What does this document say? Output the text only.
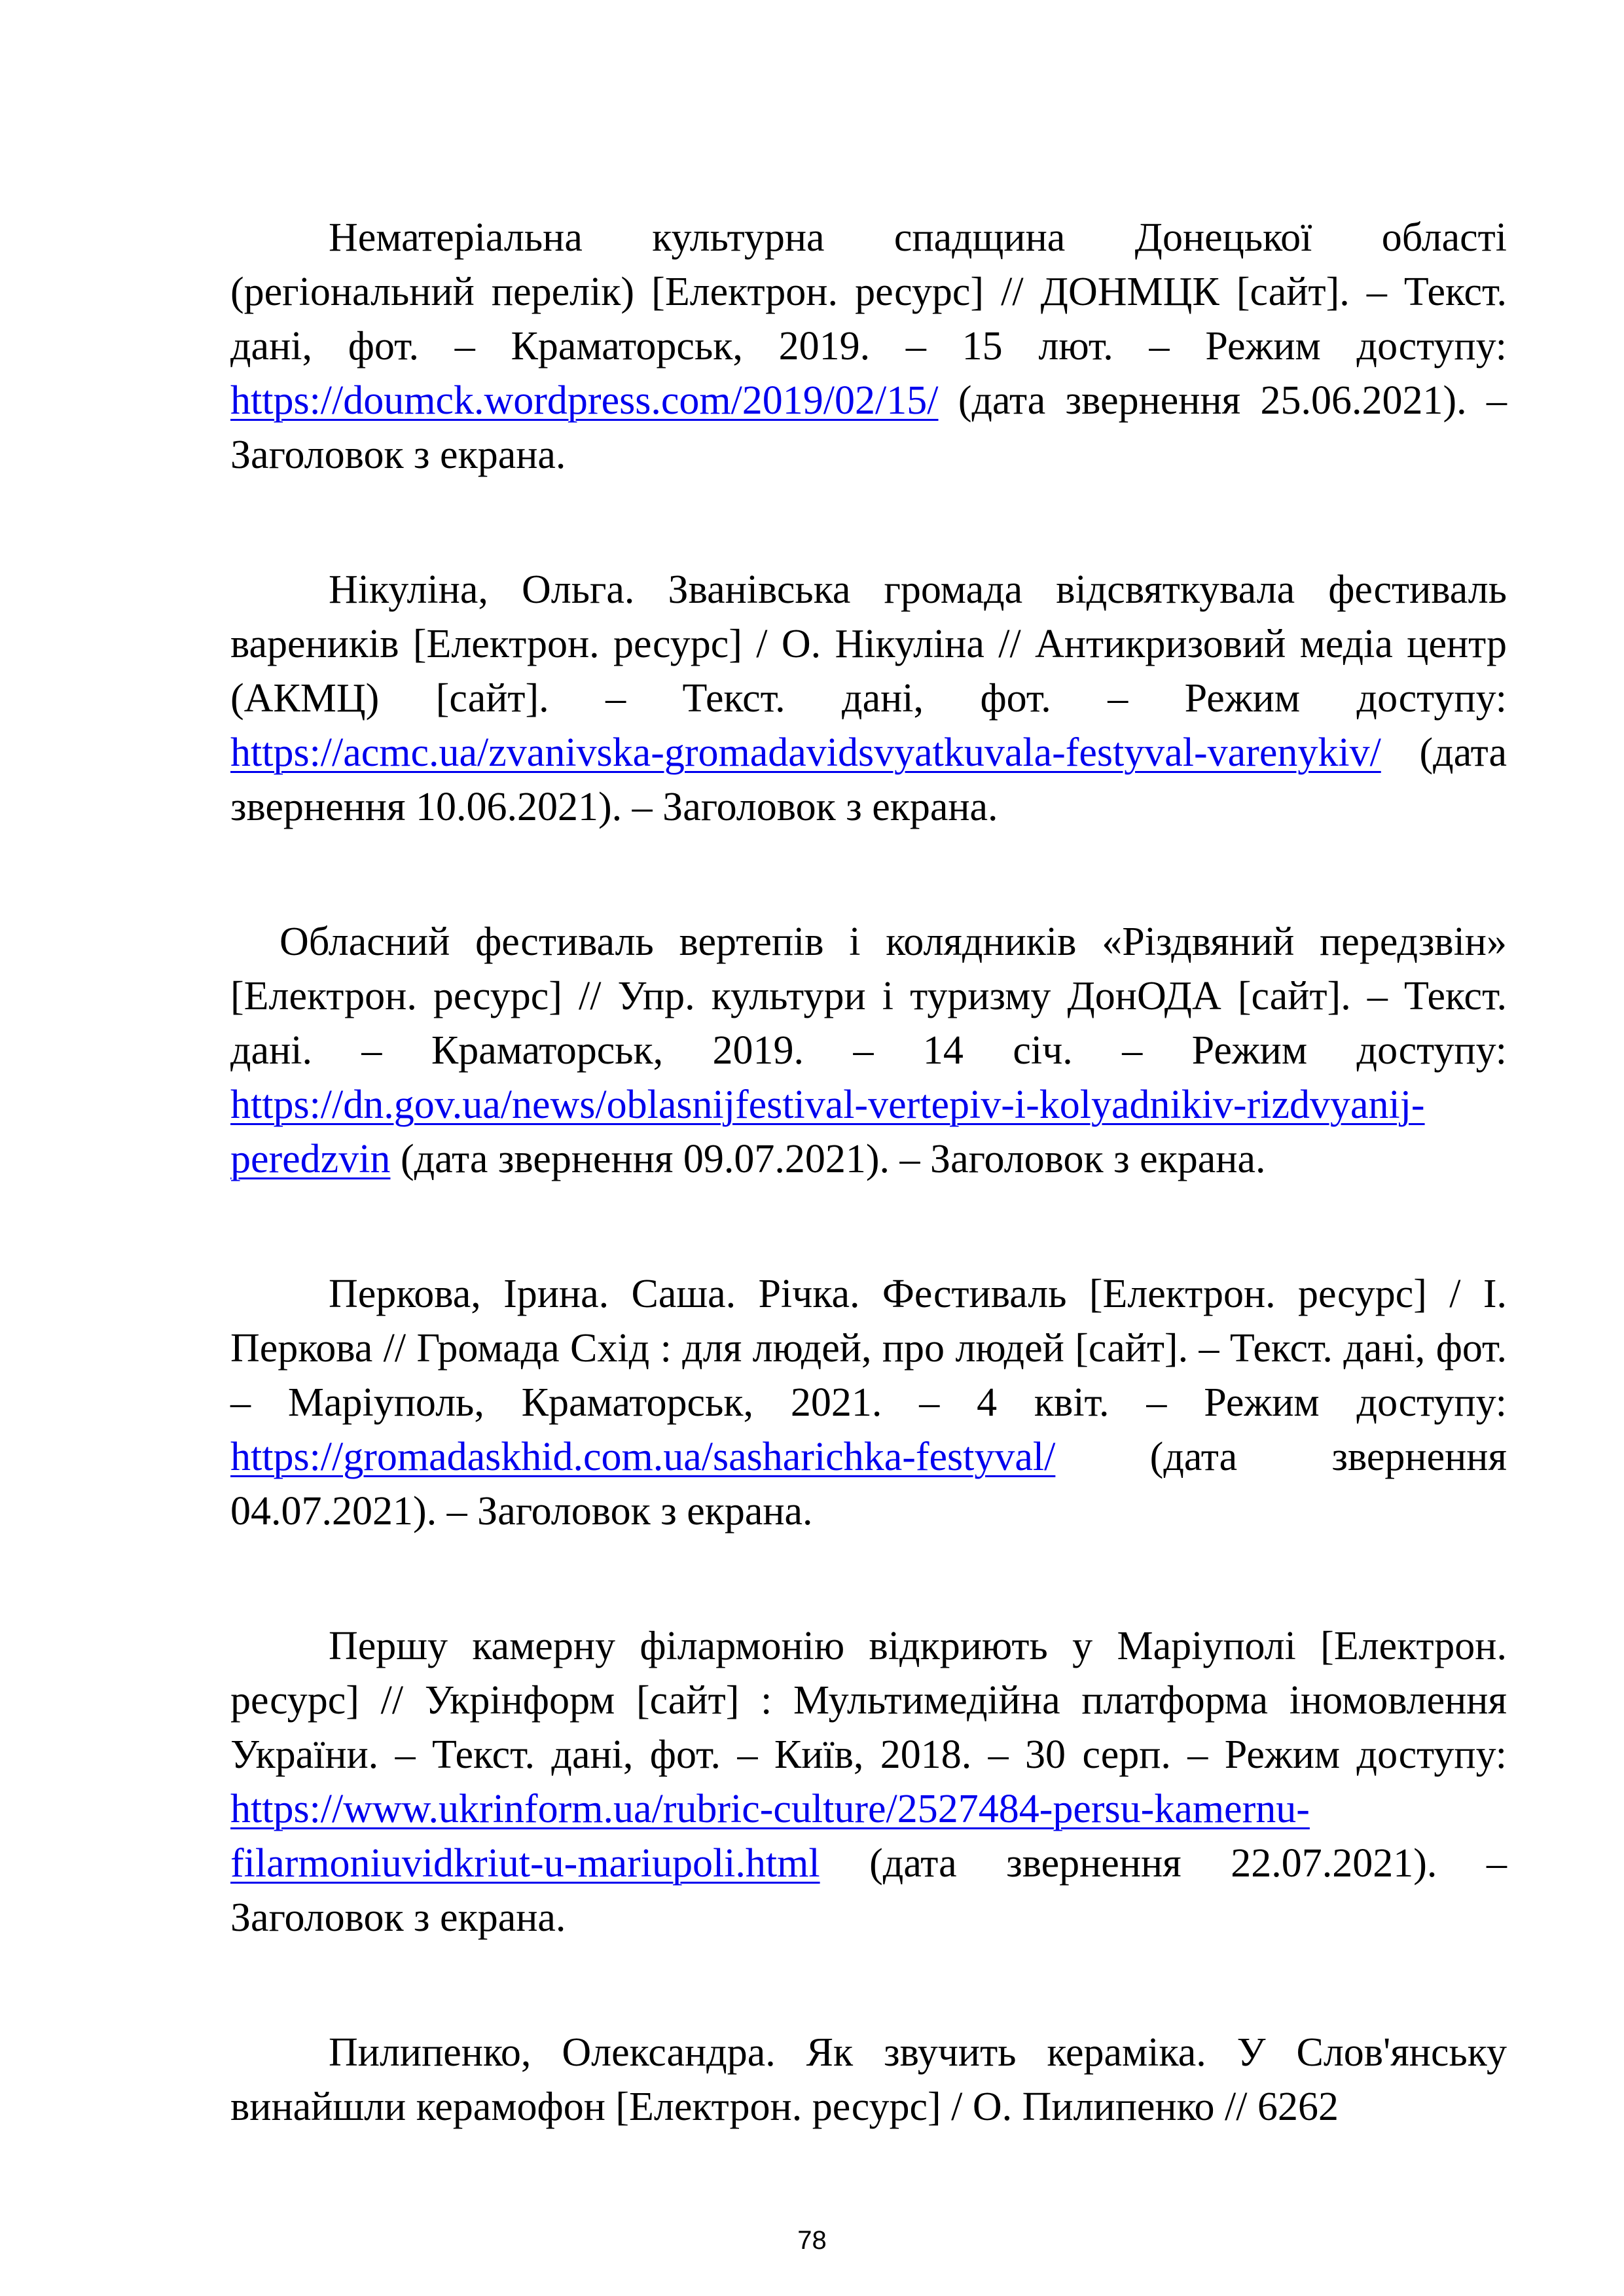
Нематеріальна культурна спадщина Донецької області (регіональний перелік) [Електрон. ресурс] // ДОНМЦК [сайт]. – Текст. дані, фот. – Краматорськ, 2019. – 15 лют. – Режим доступу: https://doumck.wordpress.com/2019/02/15/ (дата звернення 25.06.2021). – Заголовок з екрана.

Нікуліна, Ольга. Званівська громада відсвяткувала фестиваль вареників [Електрон. ресурс] / О. Нікуліна // Антикризовий медіа центр (АКМЦ) [сайт]. – Текст. дані, фот. – Режим доступу: https://acmc.ua/zvanivska-gromadavidsvyatkuvala-festyval-varenykiv/ (дата звернення 10.06.2021). – Заголовок з екрана.

Обласний фестиваль вертепів і колядників «Різдвяний передзвін» [Електрон. ресурс] // Упр. культури і туризму ДонОДА [сайт]. – Текст. дані. – Краматорськ, 2019. – 14 січ. – Режим доступу: https://dn.gov.ua/news/oblasnijfestival-vertepiv-i-kolyadnikiv-rizdvyanij-peredzvin (дата звернення 09.07.2021). – Заголовок з екрана.

Перкова, Ірина. Саша. Річка. Фестиваль [Електрон. ресурс] / І. Перкова // Громада Схід : для людей, про людей [сайт]. – Текст. дані, фот. – Маріуполь, Краматорськ, 2021. – 4 квіт. – Режим доступу: https://gromadaskhid.com.ua/sasharichka-festyval/ (дата звернення 04.07.2021). – Заголовок з екрана.

Першу камерну філармонію відкриють у Маріуполі [Електрон. ресурс] // Укрінформ [сайт] : Мультимедійна платформа іномовлення України. – Текст. дані, фот. – Київ, 2018. – 30 серп. – Режим доступу: https://www.ukrinform.ua/rubric-culture/2527484-persu-kamernu-filarmoniuvidkriut-u-mariupoli.html (дата звернення 22.07.2021). – Заголовок з екрана.

Пилипенко, Олександра. Як звучить кераміка. У Слов'янську винайшли керамофон [Електрон. ресурс] / О. Пилипенко // 6262

78
